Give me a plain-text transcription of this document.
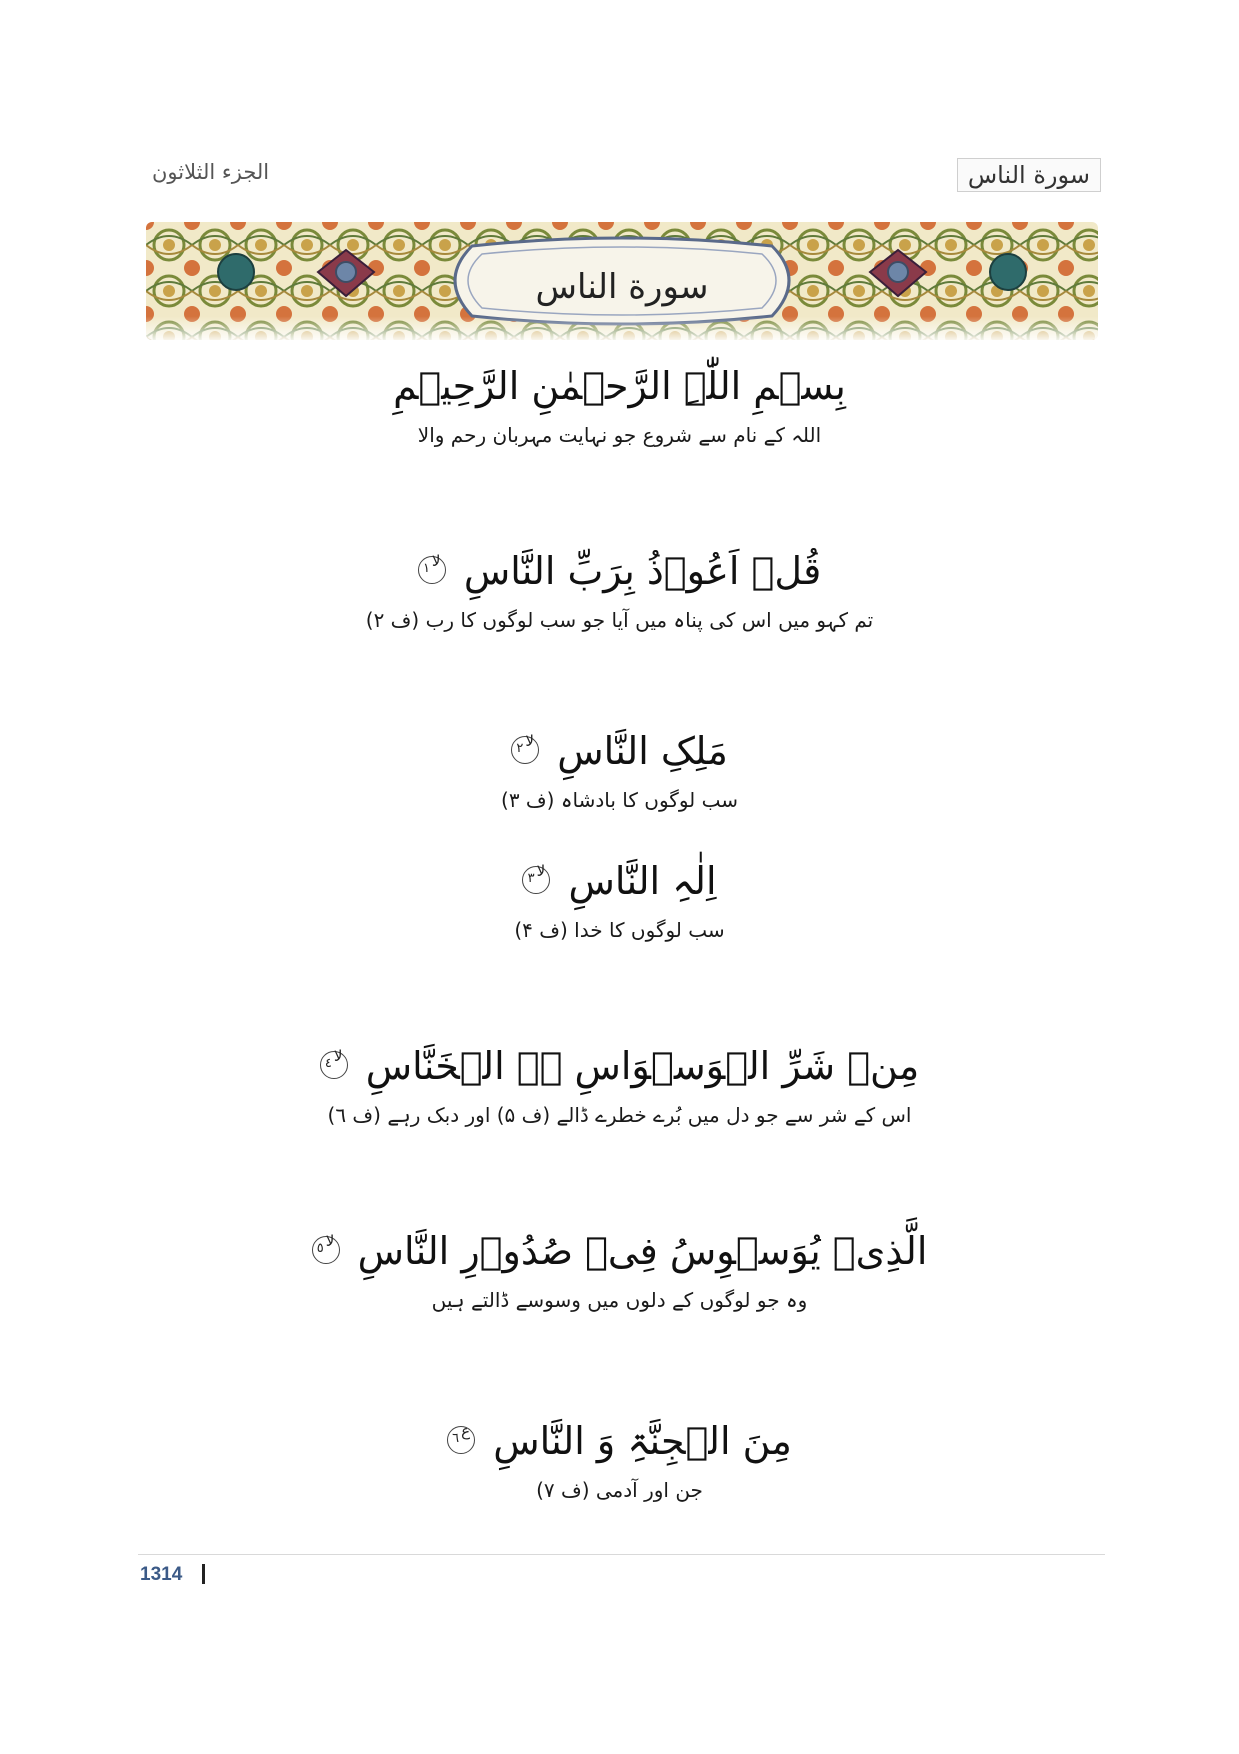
الجزء الثلاثون	سورة الناس
سورة الناس
بِسۡمِ اللّٰہِ الرَّحۡمٰنِ الرَّحِیۡمِ
اللہ کے نام سے شروع جو نہایت مہربان رحم والا
قُلۡ اَعُوۡذُ بِرَبِّ النَّاسِ لا١
تم کہو میں اس کی پناہ میں آیا جو سب لوگوں کا رب (ف ۲)
مَلِکِ النَّاسِ لا٢
سب لوگوں کا بادشاہ (ف ۳)
اِلٰہِ النَّاسِ لا٣
سب لوگوں کا خدا (ف ۴)
مِنۡ شَرِّ الۡوَسۡوَاسِ ۬ۙ الۡخَنَّاسِ لا٤
اس کے شر سے جو دل میں بُرے خطرے ڈالے (ف ۵) اور دبک رہے (ف ٦)
الَّذِیۡ یُوَسۡوِسُ فِیۡ صُدُوۡرِ النَّاسِ لا٥
وہ جو لوگوں کے دلوں میں وسوسے ڈالتے ہیں
مِنَ الۡجِنَّۃِ وَ النَّاسِ ع٦
جن اور آدمی (ف ۷)
1314
